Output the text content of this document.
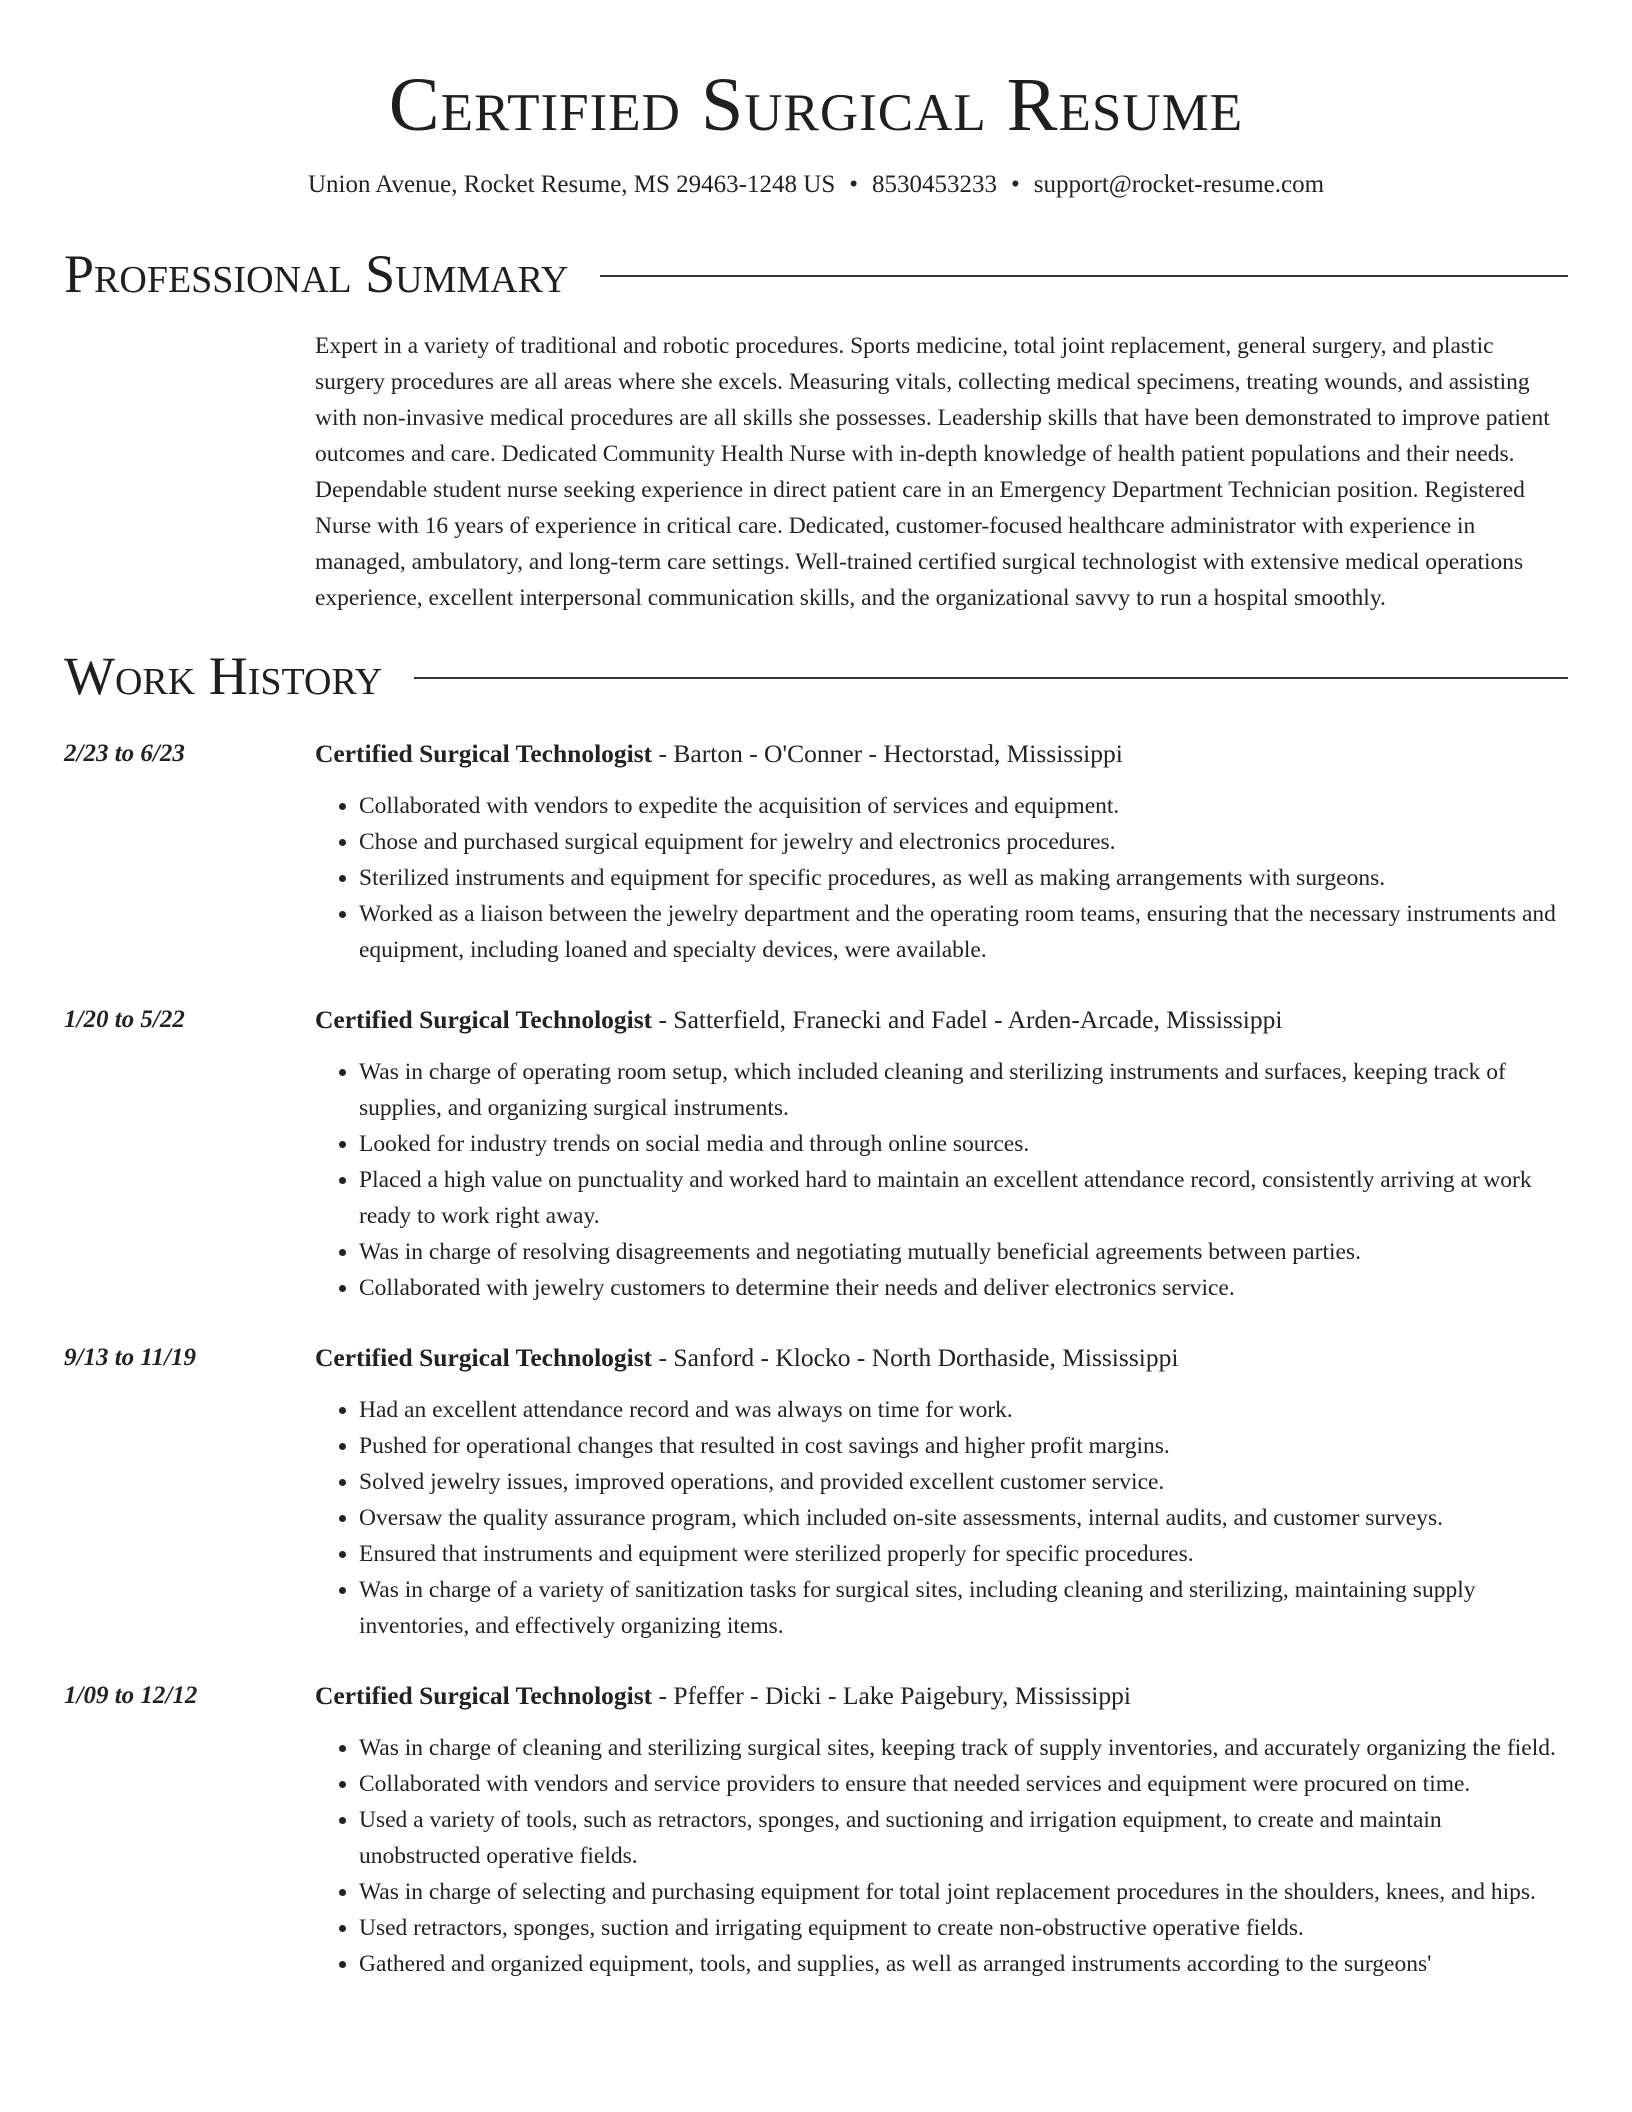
Certified Surgical Resume
Union Avenue, Rocket Resume, MS 29463-1248 US • 8530453233 • support@rocket-resume.com
Professional Summary

Expert in a variety of traditional and robotic procedures. Sports medicine, total joint replacement, general surgery, and plastic surgery procedures are all areas where she excels. Measuring vitals, collecting medical specimens, treating wounds, and assisting with non-invasive medical procedures are all skills she possesses. Leadership skills that have been demonstrated to improve patient outcomes and care. Dedicated Community Health Nurse with in-depth knowledge of health patient populations and their needs. Dependable student nurse seeking experience in direct patient care in an Emergency Department Technician position. Registered Nurse with 16 years of experience in critical care. Dedicated, customer-focused healthcare administrator with experience in managed, ambulatory, and long-term care settings. Well-trained certified surgical technologist with extensive medical operations experience, excellent interpersonal communication skills, and the organizational savvy to run a hospital smoothly.

Work History
2/23 to 6/23	Certified Surgical Technologist - Barton - O'Conner - Hectorstad, Mississippi
• Collaborated with vendors to expedite the acquisition of services and equipment.
• Chose and purchased surgical equipment for jewelry and electronics procedures.
• Sterilized instruments and equipment for specific procedures, as well as making arrangements with surgeons.
• Worked as a liaison between the jewelry department and the operating room teams, ensuring that the necessary instruments and equipment, including loaned and specialty devices, were available.
1/20 to 5/22	Certified Surgical Technologist - Satterfield, Franecki and Fadel - Arden-Arcade, Mississippi
• Was in charge of operating room setup, which included cleaning and sterilizing instruments and surfaces, keeping track of supplies, and organizing surgical instruments.
• Looked for industry trends on social media and through online sources.
• Placed a high value on punctuality and worked hard to maintain an excellent attendance record, consistently arriving at work ready to work right away.
• Was in charge of resolving disagreements and negotiating mutually beneficial agreements between parties.
• Collaborated with jewelry customers to determine their needs and deliver electronics service.
9/13 to 11/19	Certified Surgical Technologist - Sanford - Klocko - North Dorthaside, Mississippi
• Had an excellent attendance record and was always on time for work.
• Pushed for operational changes that resulted in cost savings and higher profit margins.
• Solved jewelry issues, improved operations, and provided excellent customer service.
• Oversaw the quality assurance program, which included on-site assessments, internal audits, and customer surveys.
• Ensured that instruments and equipment were sterilized properly for specific procedures.
• Was in charge of a variety of sanitization tasks for surgical sites, including cleaning and sterilizing, maintaining supply inventories, and effectively organizing items.
1/09 to 12/12	Certified Surgical Technologist - Pfeffer - Dicki - Lake Paigebury, Mississippi
• Was in charge of cleaning and sterilizing surgical sites, keeping track of supply inventories, and accurately organizing the field.
• Collaborated with vendors and service providers to ensure that needed services and equipment were procured on time.
• Used a variety of tools, such as retractors, sponges, and suctioning and irrigation equipment, to create and maintain unobstructed operative fields.
• Was in charge of selecting and purchasing equipment for total joint replacement procedures in the shoulders, knees, and hips.
• Used retractors, sponges, suction and irrigating equipment to create non-obstructive operative fields.
• Gathered and organized equipment, tools, and supplies, as well as arranged instruments according to the surgeons'
